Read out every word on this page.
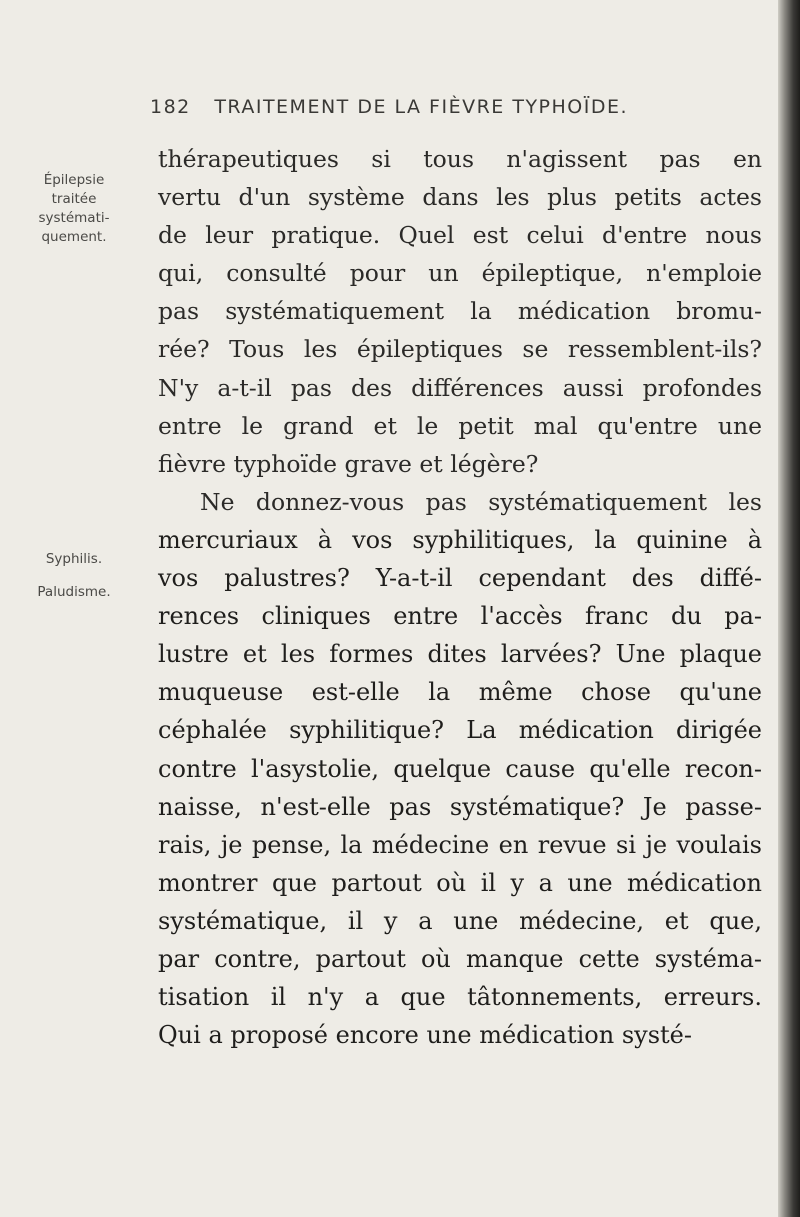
182 TRAITEMENT DE LA FIÈVRE TYPHOÏDE.
Épilepsie
traitée
systémati-
quement.
Syphilis.
Paludisme.
thérapeutiques si tous n'agissent pas en
vertu d'un système dans les plus petits actes
de leur pratique. Quel est celui d'entre nous
qui, consulté pour un épileptique, n'emploie
pas systématiquement la médication bromu-
rée? Tous les épileptiques se ressemblent-ils?
N'y a-t-il pas des différences aussi profondes
entre le grand et le petit mal qu'entre une
fièvre typhoïde grave et légère?
Ne donnez-vous pas systématiquement les
mercuriaux à vos syphilitiques, la quinine à
vos palustres? Y-a-t-il cependant des diffé-
rences cliniques entre l'accès franc du pa-
lustre et les formes dites larvées? Une plaque
muqueuse est-elle la même chose qu'une
céphalée syphilitique? La médication dirigée
contre l'asystolie, quelque cause qu'elle recon-
naisse, n'est-elle pas systématique? Je passe-
rais, je pense, la médecine en revue si je voulais
montrer que partout où il y a une médication
systématique, il y a une médecine, et que,
par contre, partout où manque cette systéma-
tisation il n'y a que tâtonnements, erreurs.
Qui a proposé encore une médication systé-
